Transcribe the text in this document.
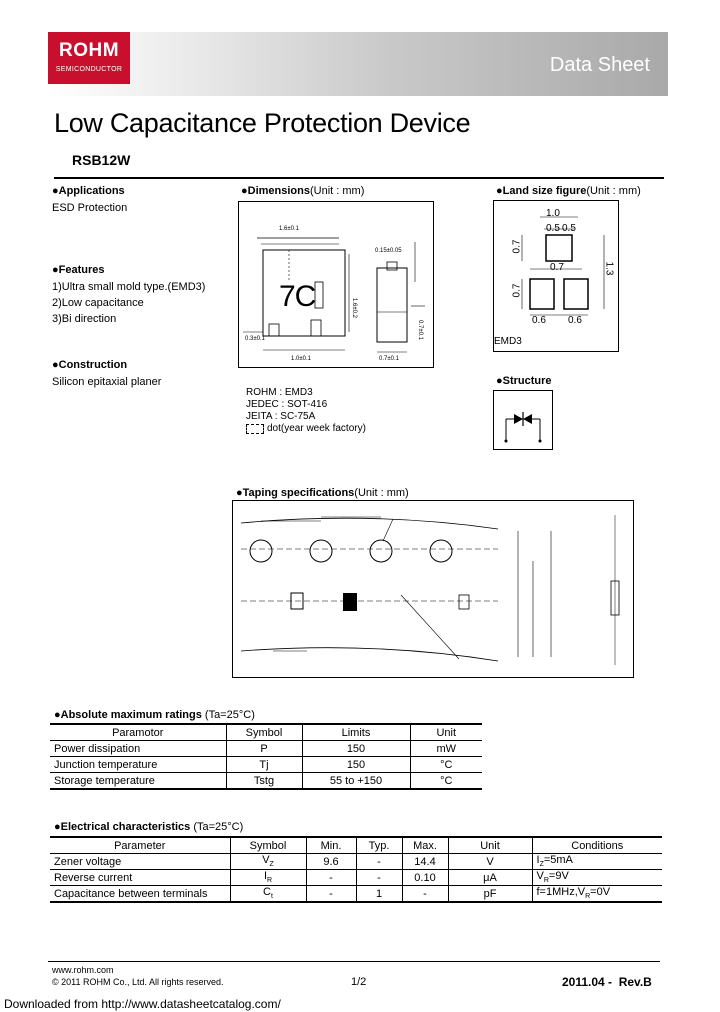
ROHM
SEMICONDUCTOR	Data Sheet
Low Capacitance Protection Device
RSB12W
●Applications
ESD Protection
●Features
1)Ultra small mold type.(EMD3)
2)Low capacitance
3)Bi direction
●Construction
Silicon epitaxial planer
●Dimensions(Unit : mm)
1.6±0.1
0.15±0.05
1.6±0.2
0.7±0.1
1.0±0.1	0.7±0.1
0.3±0.1
7C
ROHM : EMD3
JEDEC : SOT-416
JEITA : SC-75A
dot(year week factory)
●Land size figure(Unit : mm)
1.0
0.5 0.5
0.7
0.7
0.7	1.3
0.6 0.6
EMD3
●Structure
●Taping specifications(Unit : mm)
●Absolute maximum ratings (Ta=25°C)
Paramotor	Symbol	Limits	Unit
Power dissipation	P	150	mW
Junction temperature	Tj	150	°C
Storage temperature	Tstg	55 to +150	°C
●Electrical characteristics (Ta=25°C)
Parameter	Symbol	Min.	Typ.	Max.	Unit	Conditions
Zener voltage	$V_Z$	9.6	-	14.4	V	$I_Z=5mA$
Reverse current	$I_R$	-	-	0.10	μA	$V_R=9V$
Capacitance between terminals	$C_t$	-	1	-	pF	$f=1MHz,V_R=0V$
www.rohm.com
© 2011 ROHM Co., Ltd. All rights reserved.	1/2	2011.04 -  Rev.B
Downloaded from http://www.datasheetcatalog.com/
